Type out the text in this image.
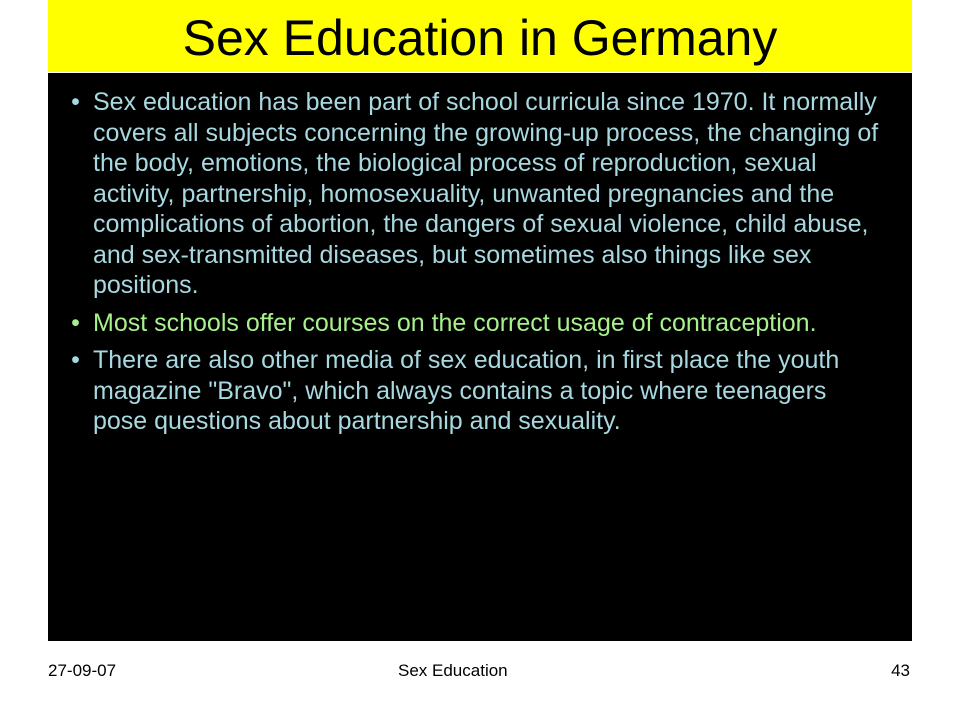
Sex Education in Germany
• Sex education has been part of school curricula since 1970. It normally covers all subjects concerning the growing-up process, the changing of the body, emotions, the biological process of reproduction, sexual activity, partnership, homosexuality, unwanted pregnancies and the complications of abortion, the dangers of sexual violence, child abuse, and sex-transmitted diseases, but sometimes also things like sex positions.
• Most schools offer courses on the correct usage of contraception.
• There are also other media of sex education, in first place the youth magazine "Bravo", which always contains a topic where teenagers pose questions about partnership and sexuality.
27-09-07	Sex Education	43
